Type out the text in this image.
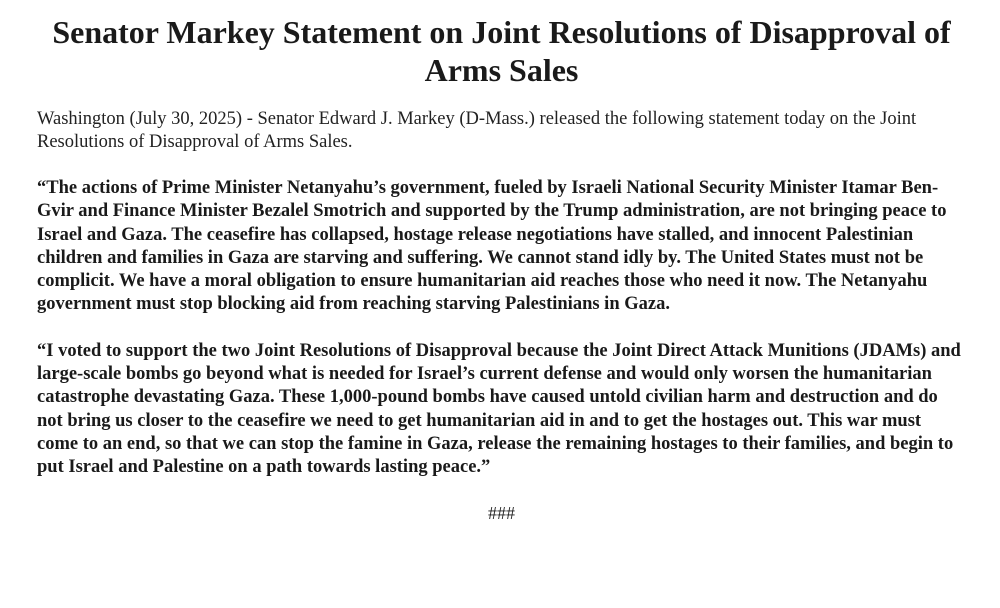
Senator Markey Statement on Joint Resolutions of Disapproval of Arms Sales

Washington (July 30, 2025) - Senator Edward J. Markey (D-Mass.) released the following statement today on the Joint Resolutions of Disapproval of Arms Sales.

“The actions of Prime Minister Netanyahu’s government, fueled by Israeli National Security Minister Itamar Ben-Gvir and Finance Minister Bezalel Smotrich and supported by the Trump administration, are not bringing peace to Israel and Gaza. The ceasefire has collapsed, hostage release negotiations have stalled, and innocent Palestinian children and families in Gaza are starving and suffering. We cannot stand idly by. The United States must not be complicit. We have a moral obligation to ensure humanitarian aid reaches those who need it now. The Netanyahu government must stop blocking aid from reaching starving Palestinians in Gaza.

“I voted to support the two Joint Resolutions of Disapproval because the Joint Direct Attack Munitions (JDAMs) and large-scale bombs go beyond what is needed for Israel’s current defense and would only worsen the humanitarian catastrophe devastating Gaza. These 1,000-pound bombs have caused untold civilian harm and destruction and do not bring us closer to the ceasefire we need to get humanitarian aid in and to get the hostages out. This war must come to an end, so that we can stop the famine in Gaza, release the remaining hostages to their families, and begin to put Israel and Palestine on a path towards lasting peace.”

###
